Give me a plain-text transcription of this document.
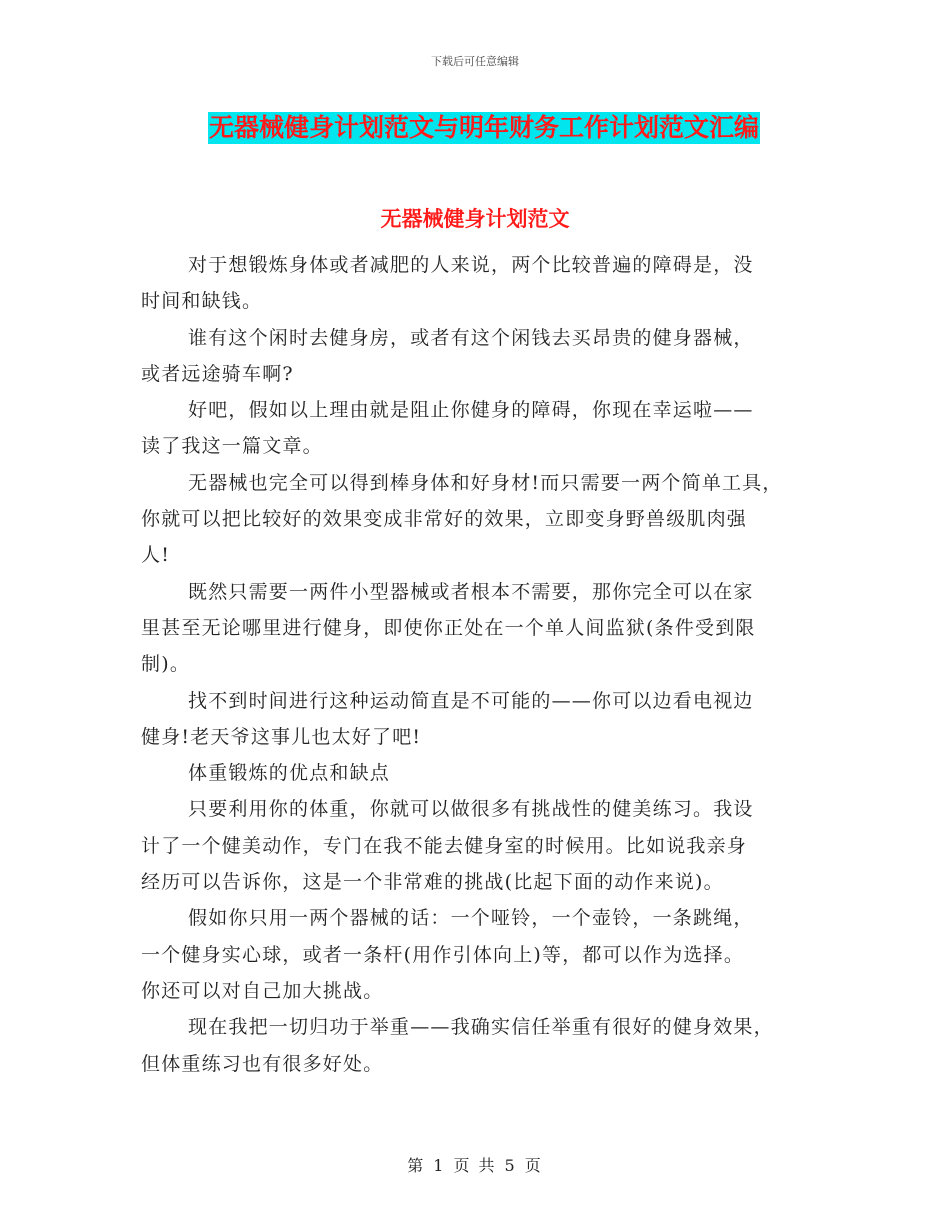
下载后可任意编辑
无器械健身计划范文与明年财务工作计划范文汇编
无器械健身计划范文

对于想锻炼身体或者减肥的人来说，两个比较普遍的障碍是，没
时间和缺钱。

谁有这个闲时去健身房，或者有这个闲钱去买昂贵的健身器械，
或者远途骑车啊?

好吧，假如以上理由就是阻止你健身的障碍，你现在幸运啦——
读了我这一篇文章。

无器械也完全可以得到棒身体和好身材!而只需要一两个简单工具，
你就可以把比较好的效果变成非常好的效果，立即变身野兽级肌肉强
人!

既然只需要一两件小型器械或者根本不需要，那你完全可以在家
里甚至无论哪里进行健身，即使你正处在一个单人间监狱(条件受到限
制)。

找不到时间进行这种运动简直是不可能的——你可以边看电视边
健身!老天爷这事儿也太好了吧!

体重锻炼的优点和缺点

只要利用你的体重，你就可以做很多有挑战性的健美练习。我设
计了一个健美动作，专门在我不能去健身室的时候用。比如说我亲身
经历可以告诉你，这是一个非常难的挑战(比起下面的动作来说)。

假如你只用一两个器械的话：一个哑铃，一个壶铃，一条跳绳，
一个健身实心球，或者一条杆(用作引体向上)等，都可以作为选择。
你还可以对自己加大挑战。

现在我把一切归功于举重——我确实信任举重有很好的健身效果，
但体重练习也有很多好处。

第 1 页 共 5 页
